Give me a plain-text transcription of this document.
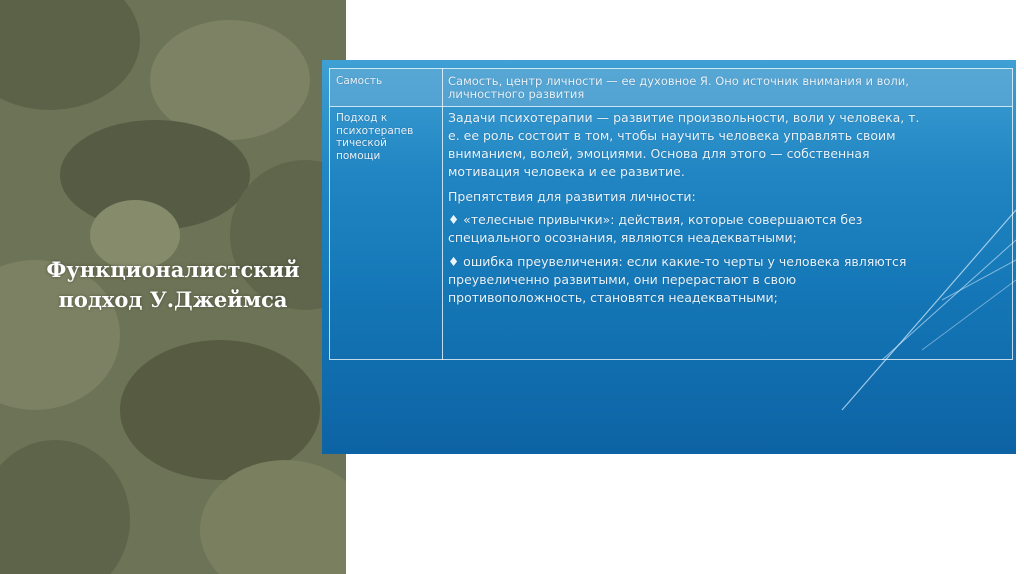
Функционалистский
подход У.Джеймса
Самость	Самость, центр личности — ее духовное Я. Оно источник внимания и воли,
личностного развития
Подход к
психотерапев
тической
помощи
Задачи психотерапии — развитие произвольности, воли у человека, т.
е. ее роль состоит в том, чтобы научить человека управлять своим
вниманием, волей, эмоциями. Основа для этого — собственная
мотивация человека и ее развитие.
Препятствия для развития личности:
♦ «телесные привычки»: действия, которые совершаются без
специального осознания, являются неадекватными;
♦ ошибка преувеличения: если какие-то черты у человека являются
преувеличенно развитыми, они перерастают в свою
противоположность, становятся неадекватными;
